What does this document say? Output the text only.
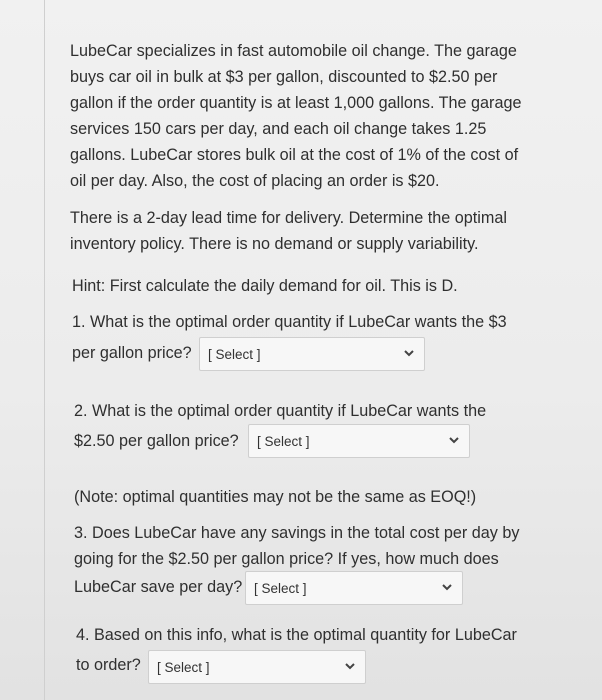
LubeCar specializes in fast automobile oil change. The garage
buys car oil in bulk at $3 per gallon, discounted to $2.50 per
gallon if the order quantity is at least 1,000 gallons. The garage
services 150 cars per day, and each oil change takes 1.25
gallons. LubeCar stores bulk oil at the cost of 1% of the cost of
oil per day. Also, the cost of placing an order is $20.
There is a 2-day lead time for delivery. Determine the optimal
inventory policy. There is no demand or supply variability.
Hint: First calculate the daily demand for oil. This is D.
1. What is the optimal order quantity if LubeCar wants the $3
per gallon price? [ Select ]
2. What is the optimal order quantity if LubeCar wants the
$2.50 per gallon price? [ Select ]
(Note: optimal quantities may not be the same as EOQ!)
3. Does LubeCar have any savings in the total cost per day by
going for the $2.50 per gallon price? If yes, how much does
LubeCar save per day? [ Select ]
4. Based on this info, what is the optimal quantity for LubeCar
to order? [ Select ]
